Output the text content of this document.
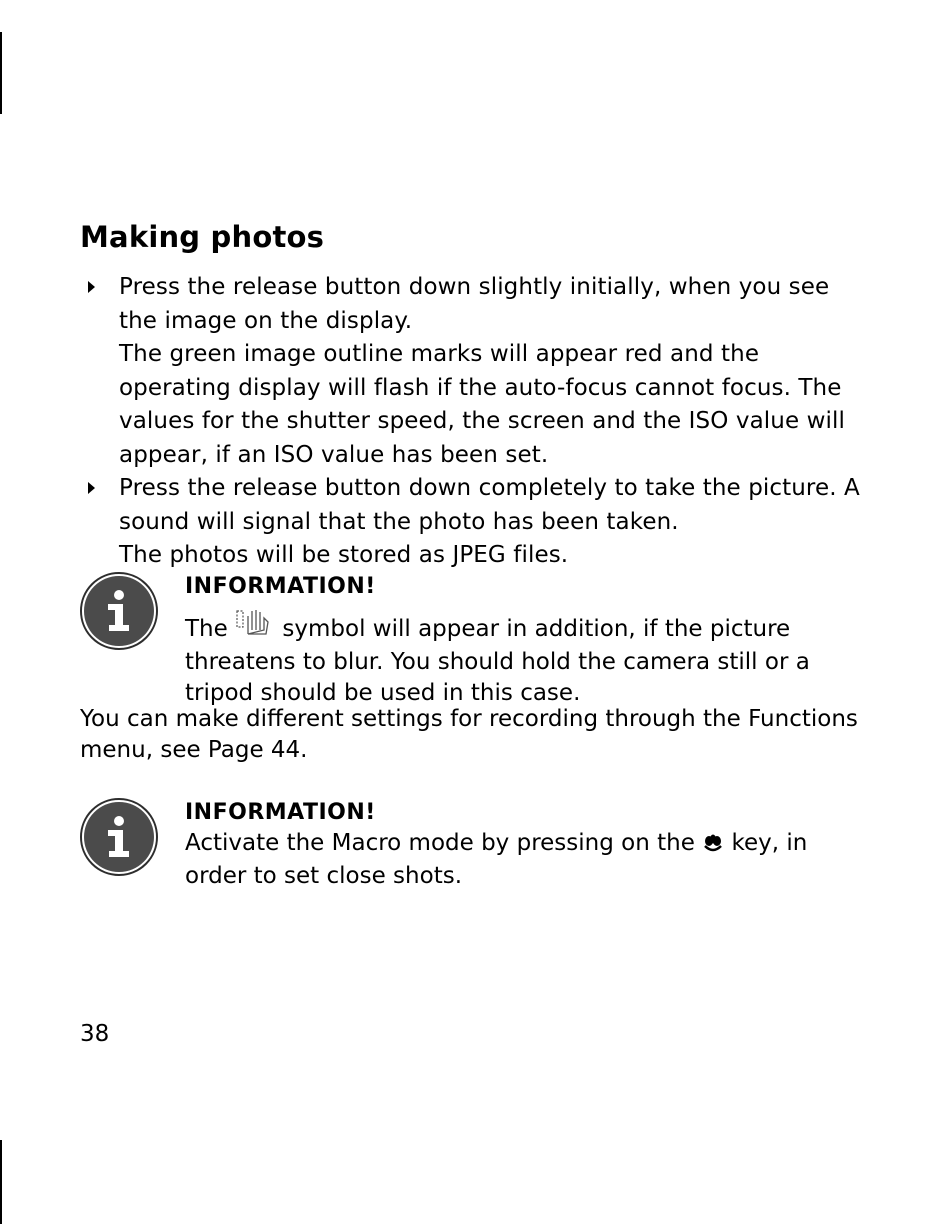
Making photos

Press the release button down slightly initially, when you see the image on the display.

The green image outline marks will appear red and the operating display will flash if the auto-focus cannot focus. The values for the shutter speed, the screen and the ISO value will appear, if an ISO value has been set.

Press the release button down completely to take the picture. A sound will signal that the photo has been taken.

The photos will be stored as JPEG files.

INFORMATION!
The symbol will appear in addition, if the picture threatens to blur. You should hold the camera still or a tripod should be used in this case.
You can make different settings for recording through the Functions menu, see Page 44.
INFORMATION!
Activate the Macro mode by pressing on the key, in order to set close shots.
38
